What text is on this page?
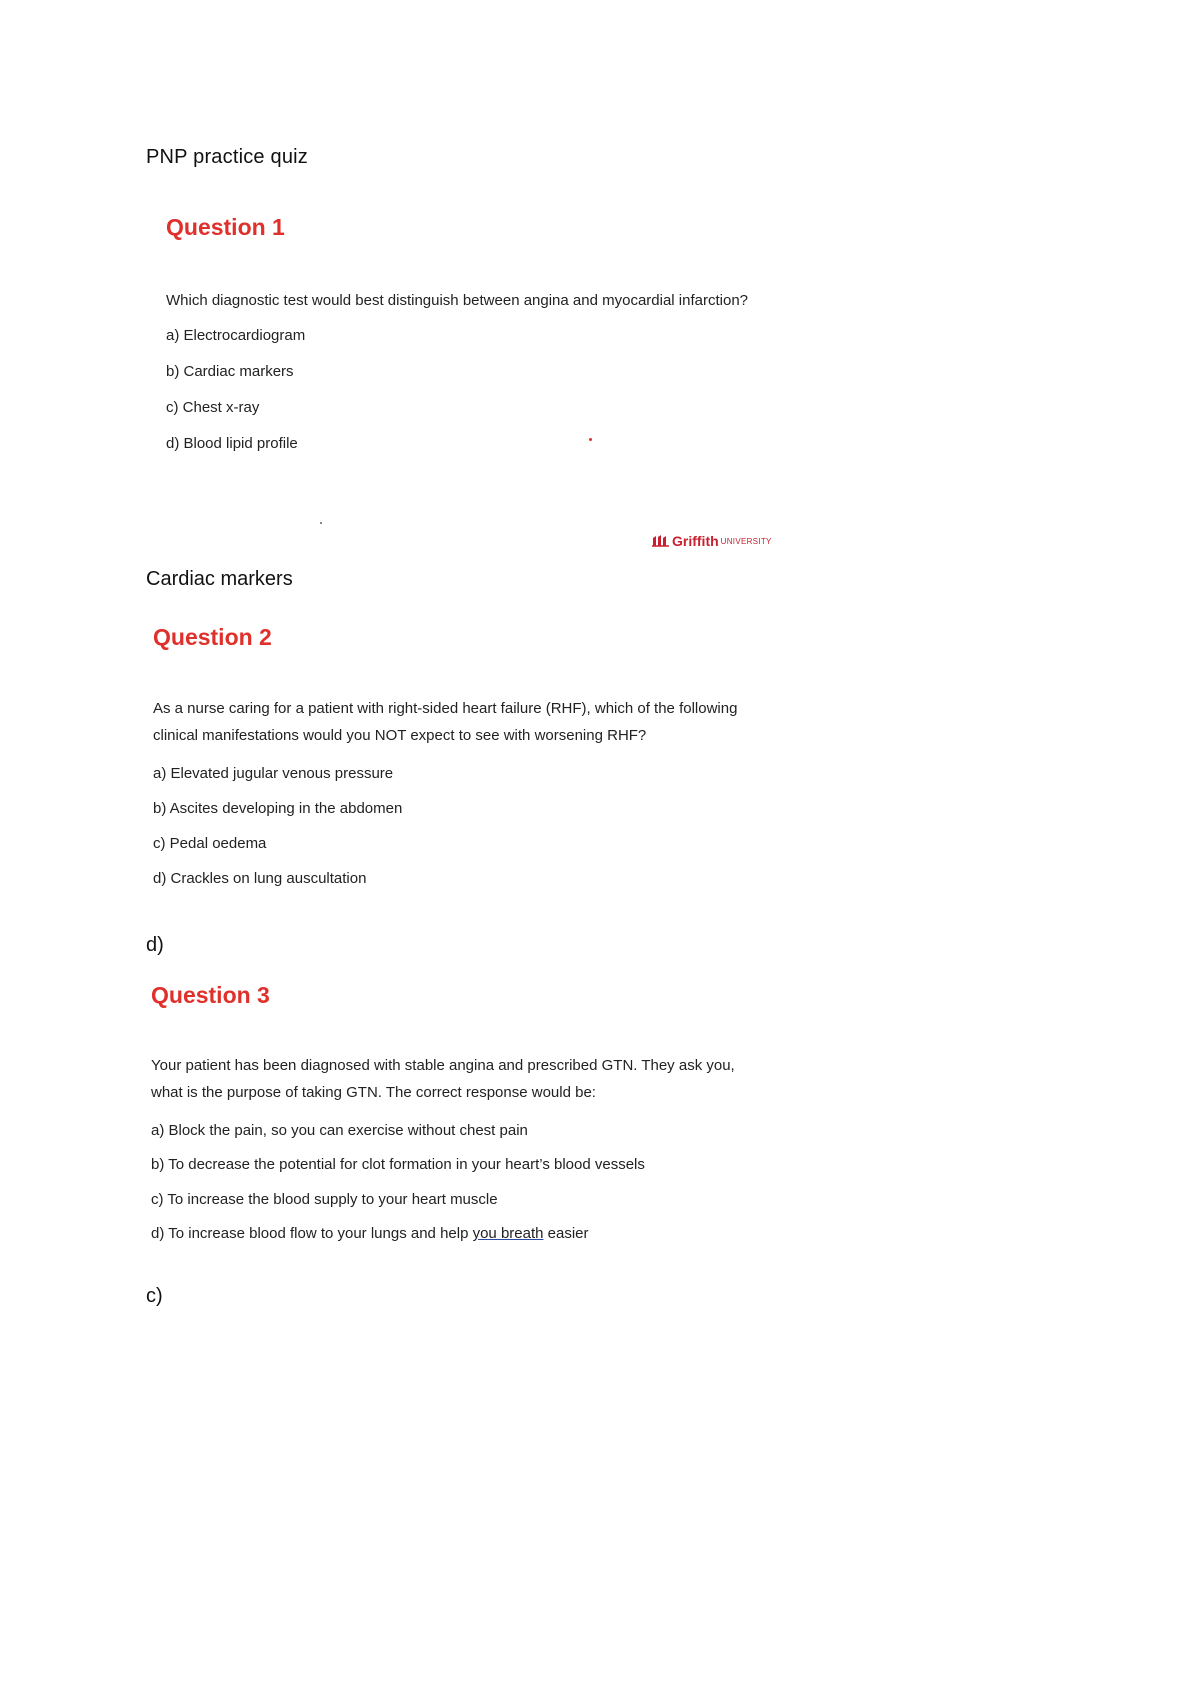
PNP practice quiz

Question 1

Which diagnostic test would best distinguish between angina and myocardial infarction?

a) Electrocardiogram

b) Cardiac markers

c) Chest x-ray

d) Blood lipid profile

Griffith UNIVERSITY
Cardiac markers

Question 2

As a nurse caring for a patient with right-sided heart failure (RHF), which of the following

clinical manifestations would you NOT expect to see with worsening RHF?

a) Elevated jugular venous pressure

b) Ascites developing in the abdomen

c) Pedal oedema

d) Crackles on lung auscultation

d)

Question 3

Your patient has been diagnosed with stable angina and prescribed GTN. They ask you,

what is the purpose of taking GTN. The correct response would be:

a) Block the pain, so you can exercise without chest pain

b) To decrease the potential for clot formation in your heart’s blood vessels

c) To increase the blood supply to your heart muscle

d) To increase blood flow to your lungs and help you breath easier

c)
